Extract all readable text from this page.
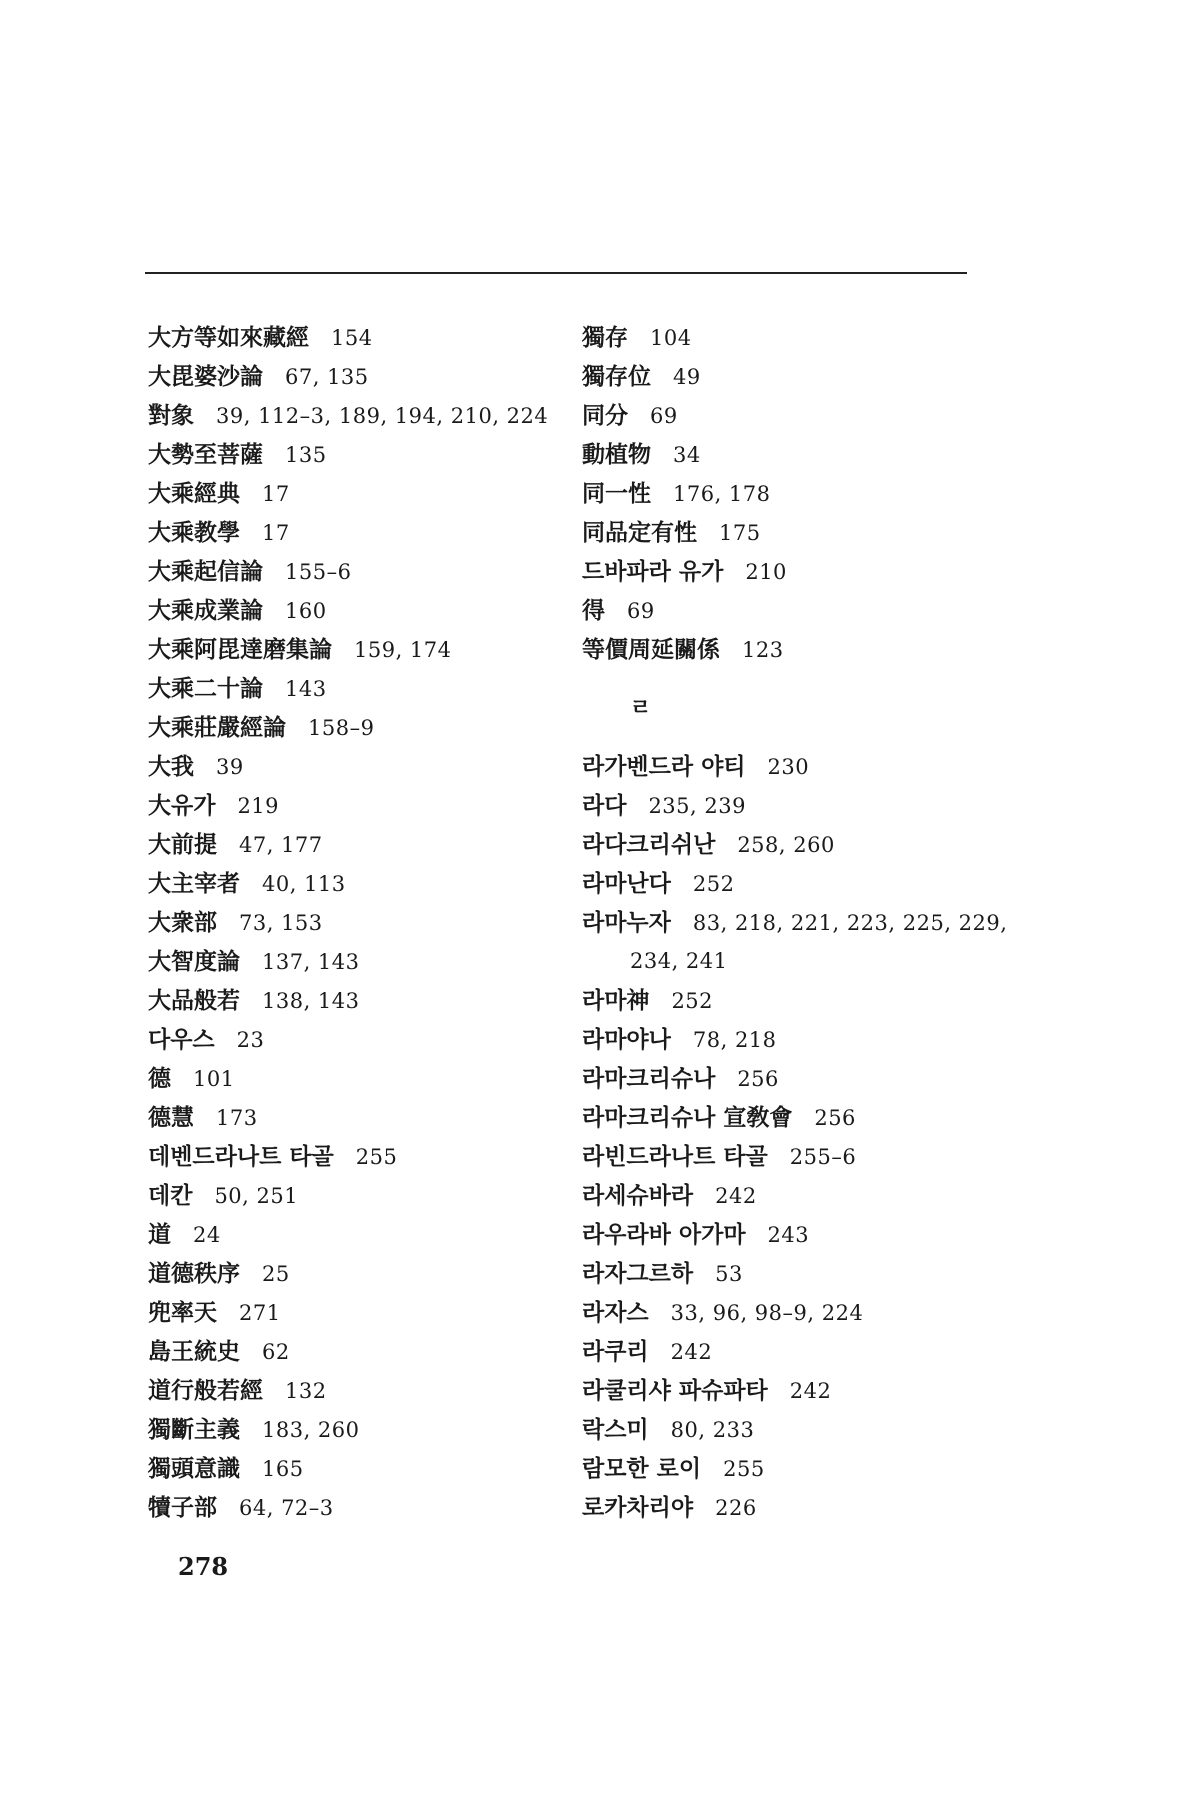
大方等如來藏經 154
大毘婆沙論 67, 135
對象 39, 112–3, 189, 194, 210, 224
大勢至菩薩 135
大乘經典 17
大乘教學 17
大乘起信論 155–6
大乘成業論 160
大乘阿毘達磨集論 159, 174
大乘二十論 143
大乘莊嚴經論 158–9
大我 39
大유가 219
大前提 47, 177
大主宰者 40, 113
大衆部 73, 153
大智度論 137, 143
大品般若 138, 143
다우스 23
德 101
德慧 173
데벤드라나트 타골 255
데칸 50, 251
道 24
道德秩序 25
兜率天 271
島王統史 62
道行般若經 132
獨斷主義 183, 260
獨頭意識 165
犢子部 64, 72–3
獨存 104
獨存位 49
同分 69
動植物 34
同一性 176, 178
同品定有性 175
드바파라 유가 210
得 69
等價周延關係 123
ㄹ
라가벤드라 야티 230
라다 235, 239
라다크리쉬난 258, 260
라마난다 252
라마누자 83, 218, 221, 223, 225, 229,
234, 241
라마神 252
라마야나 78, 218
라마크리슈나 256
라마크리슈나 宣敎會 256
라빈드라나트 타골 255–6
라세슈바라 242
라우라바 아가마 243
라자그르하 53
라자스 33, 96, 98–9, 224
라쿠리 242
라쿨리샤 파슈파타 242
락스미 80, 233
람모한 로이 255
로카차리야 226
278
